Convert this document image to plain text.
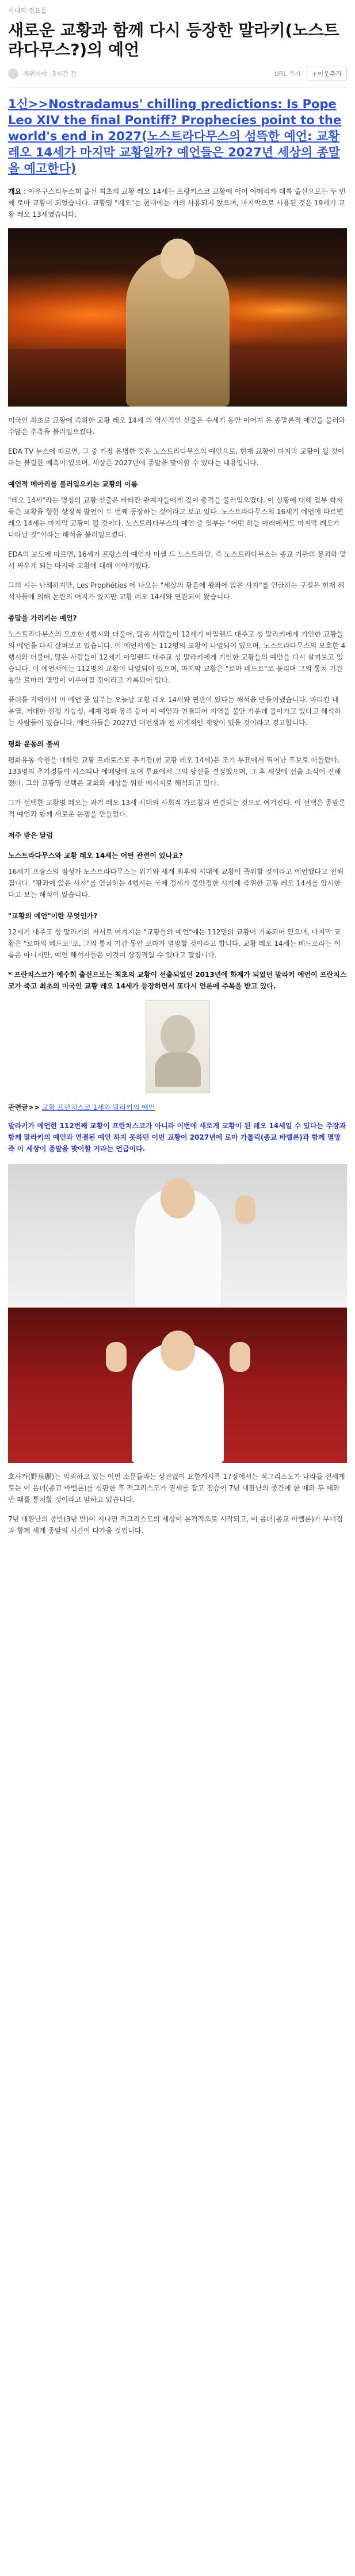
시대의 정표들
새로운 교황과 함께 다시 등장한 말라키(노스트라다무스?)의 예언
레위아야 3시간 전	URL 복사	+이웃추가
1신>>Nostradamus' chilling predictions: Is Pope Leo XIV the final Pontiff? Prophecies point to the world's end in 2027(노스트라다무스의 섬뜩한 예언: 교황 레오 14세가 마지막 교황일까? 예언들은 2027년 세상의 종말을 예고한다)

개요 : 아우구스티누스회 출신 최초의 교황 레오 14세는 프랑키스코 교황에 이어 아메리카 대륙 출신으로는 두 번째 로마 교황이 되었습니다. 교황명 "레오"는 현대에는 거의 사용되지 않으며, 마지막으로 사용된 것은 19세기 교황 레오 13세였습니다.

미국인 최초로 교황에 즉위한 교황 레오 14세 의 역사적인 선출은 수세기 동안 이어져 온 종말론적 예언을 불러와 수많은 추측을 불러일으켰다.

EDA TV 뉴스에 따르면, 그 중 가장 유명한 것은 노스트라다무스의 예언으로, 현재 교황이 마지막 교황이 될 것이라는 불길한 예측이 있으며, 세상은 2027년에 종말을 맞이할 수 있다는 내용입니다.

예언적 메아리를 불러일으키는 교황의 이름

"레오 14세"라는 명칭의 교황 선출은 바티칸 관계자들에게 깊이 충격을 불러일으켰다. 이 상황에 대해 일부 학자들은 교황을 향한 상징적 발언이 두 번째 등장하는 것이라고 보고 있다. 노스트라다무스의 16세기 예언에 따르면 레오 14세는 마지막 교황이 될 것이다. 노스트라다무스의 예언 중 일부는 "어떤 하늘 아래에서도 마지막 레오가 나타날 것"이라는 해석을 불러일으켰다.

EDA의 보도에 따르면, 16세기 프랑스의 예언자 미셸 드 노스트라담, 즉 노스트라다무스는 종교 기관의 붕괴와 맞서 싸우게 되는 마지막 교황에 대해 이야기했다.

그의 시는 난해하지만, Les Prophéties 에 나오는 "세상의 황혼에 왕좌에 앉은 사자"를 언급하는 구절은 현재 해석자들에 의해 논란의 여지가 있지만 교황 레오 14세와 연관되어 왔습니다.

종말을 가리키는 예언?

노스트라다무스의 모호한 4행시와 더불어, 많은 사람들이 12세기 아일랜드 대주교 성 말라키에게 기인한 교황들의 예언을 다시 살펴보고 있습니다. 이 예언서에는 112명의 교황이 나열되어 있으며, 노스트라다무스의 모호한 4행시와 더불어, 많은 사람들이 12세기 아일랜드 대주교 성 말라키에게 기인한 교황들의 예언을 다시 살펴보고 있습니다. 이 예언서에는 112명의 교황이 나열되어 있으며, 마지막 교황은 "로마 베드로"로 불리며 그의 통치 기간 동안 로마의 멸망이 이루어질 것이라고 기록되어 있다.

플러틀 지역에서 이 예언 중 일부는 오늘날 교황 레오 14세와 연관이 있다는 해석을 만들어냈습니다. 바티칸 내 분열, 거대한 전쟁 가능성, 세계 평화 붕괴 등이 이 예언과 연결되어 지역을 불안 가운데 몰아가고 있다고 해석하는 사람들이 있습니다. 예언자들은 2027년 대전쟁과 전 세계적인 재앙이 있을 것이라고 경고합니다.

평화 운동의 불씨

평화유동 숙원을 대하던 교황 프래토스토 추기경(현 교황 레오 14세)은 조기 투표에서 뛰어난 후보로 떠올랐다. 133명의 추기경들이 시스티나 예배당에 모여 투표에서 그의 당선을 결정했으며, 그 후 세상에 선출 소식이 전해졌다. 그의 교황명 선택은 교회와 세상을 위한 메시지로 해석되고 있다.

그가 선택한 교황명 레오는 과거 레오 13세 시대의 사회적 가르침과 연결되는 것으로 여겨진다. 이 선택은 종말론적 예언과 함께 새로운 논쟁을 만들었다.

저주 받은 달럼
노스트라다무스와 교황 레오 14세는 어떤 관련이 있나요?

16세기 프랑스의 점성가 노스트라다무스는 위기와 세계 최후의 시대에 교황이 즉위할 것이라고 예언했다고 전해집니다. "황좌에 앉은 사자"를 언급하는 4행시는 국제 정세가 불안정한 시기에 즉위한 교황 레오 14세를 암시한다고 보는 해석이 있습니다.

"교황의 예언"이란 무엇인가?

12세기 대주교 성 말라키의 저서로 여겨지는 "교황들의 예언"에는 112명의 교황이 기록되어 있으며, 마지막 교황은 "로마의 베드로"로, 그의 통치 기간 동안 로마가 멸망할 것이라고 합니다. 교황 레오 14세는 베드로라는 이름은 아니지만, 예언 해석자들은 이것이 상징적일 수 있다고 말합니다.

* 프란치스코가 예수회 출신으로는 최초의 교황이 선출되었던 2013년에 화제가 되었던 말라키 예언이 프란치스코가 죽고 최초의 미국인 교황 레오 14세가 등장하면서 또다시 언론에 주목을 받고 있다.

관련글>> 교황 프란치스코 1세와 말라키의 예언
말라키가 예언한 112번째 교황이 프란치스코가 아니라 이번에 새로게 교황이 된 레오 14세일 수 있다는 주장과 함께 말라키의 예언과 연결된 예언 하지 못하던 이번 교황이 2027년에 로마 가톨릭(종교 바벨론)과 함께 멸망 즉 이 세상이 종말을 맞이할 거라는 언급이다.

호사카(野泉麗)는 의뢰하고 있는 이번 소문들과는 상관없이 요한계시록 17장에서는 적그리스도가 나라들 전세계로는 이 음녀(종교 바벨론)를 심판한 후 적그리스도가 권세를 잡고 짐승이 7년 대환난의 중간에 한 때와 두 때와 반 때를 통치할 것이라고 말하고 있습니다.

7년 대환난의 중반(3년 반)이 지나면 적그리스도의 세상이 본격적으로 시작되고, 이 음녀(종교 바벨론)가 무너짐과 함께 세계 종말의 시간이 다가올 것입니다.
